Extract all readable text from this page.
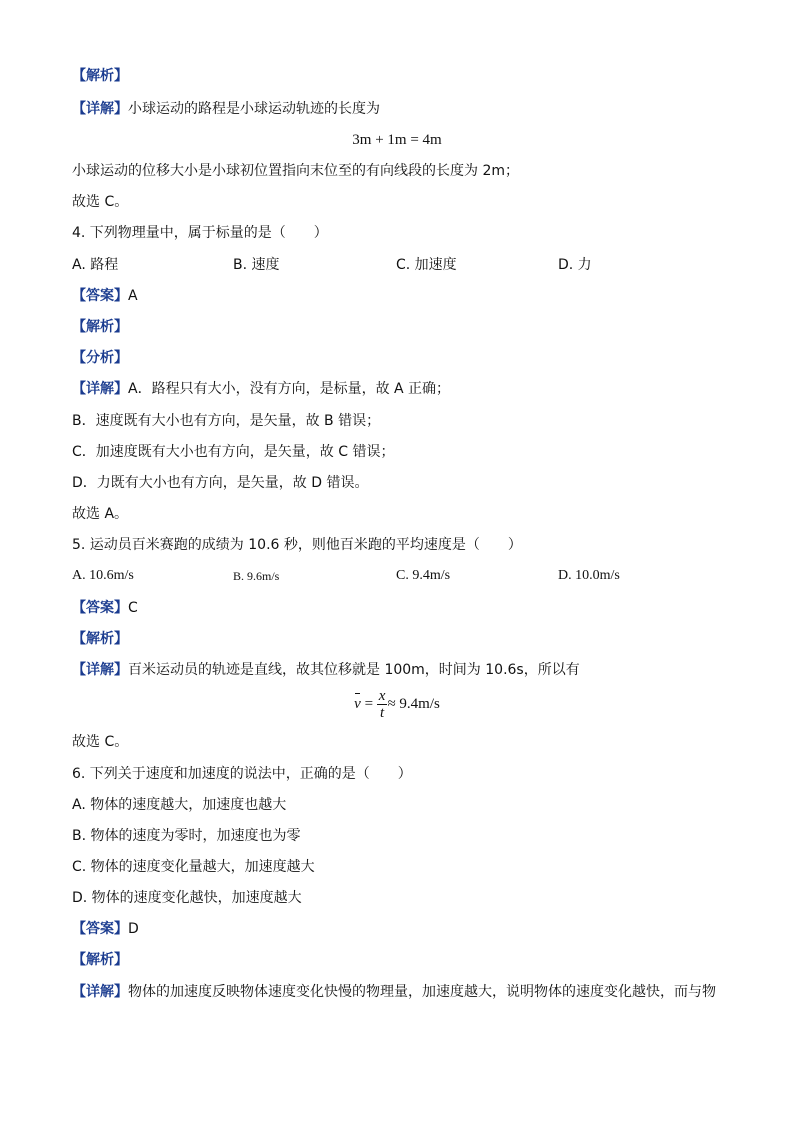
【解析】
【详解】小球运动的路程是小球运动轨迹的长度为
3m + 1m = 4m
小球运动的位移大小是小球初位置指向末位至的有向线段的长度为 2m；
故选 C。
4. 下列物理量中，属于标量的是（　　）
A. 路程	B. 速度	C. 加速度	D. 力
【答案】A
【解析】
【分析】
【详解】A．路程只有大小，没有方向，是标量，故 A 正确；
B．速度既有大小也有方向，是矢量，故 B 错误；
C．加速度既有大小也有方向，是矢量，故 C 错误；
D．力既有大小也有方向，是矢量，故 D 错误。
故选 A。
5. 运动员百米赛跑的成绩为 10.6 秒，则他百米跑的平均速度是（　　）
A. 10.6m/s	B. 9.6m/s	C. 9.4m/s	D. 10.0m/s
【答案】C
【解析】
【详解】百米运动员的轨迹是直线，故其位移就是 100m，时间为 10.6s，所以有
$v = \frac{x}{t} \approx 9.4m/s$
故选 C。
6. 下列关于速度和加速度的说法中，正确的是（　　）
A. 物体的速度越大，加速度也越大
B. 物体的速度为零时，加速度也为零
C. 物体的速度变化量越大，加速度越大
D. 物体的速度变化越快，加速度越大
【答案】D
【解析】
【详解】物体的加速度反映物体速度变化快慢的物理量，加速度越大，说明物体的速度变化越快，而与物
